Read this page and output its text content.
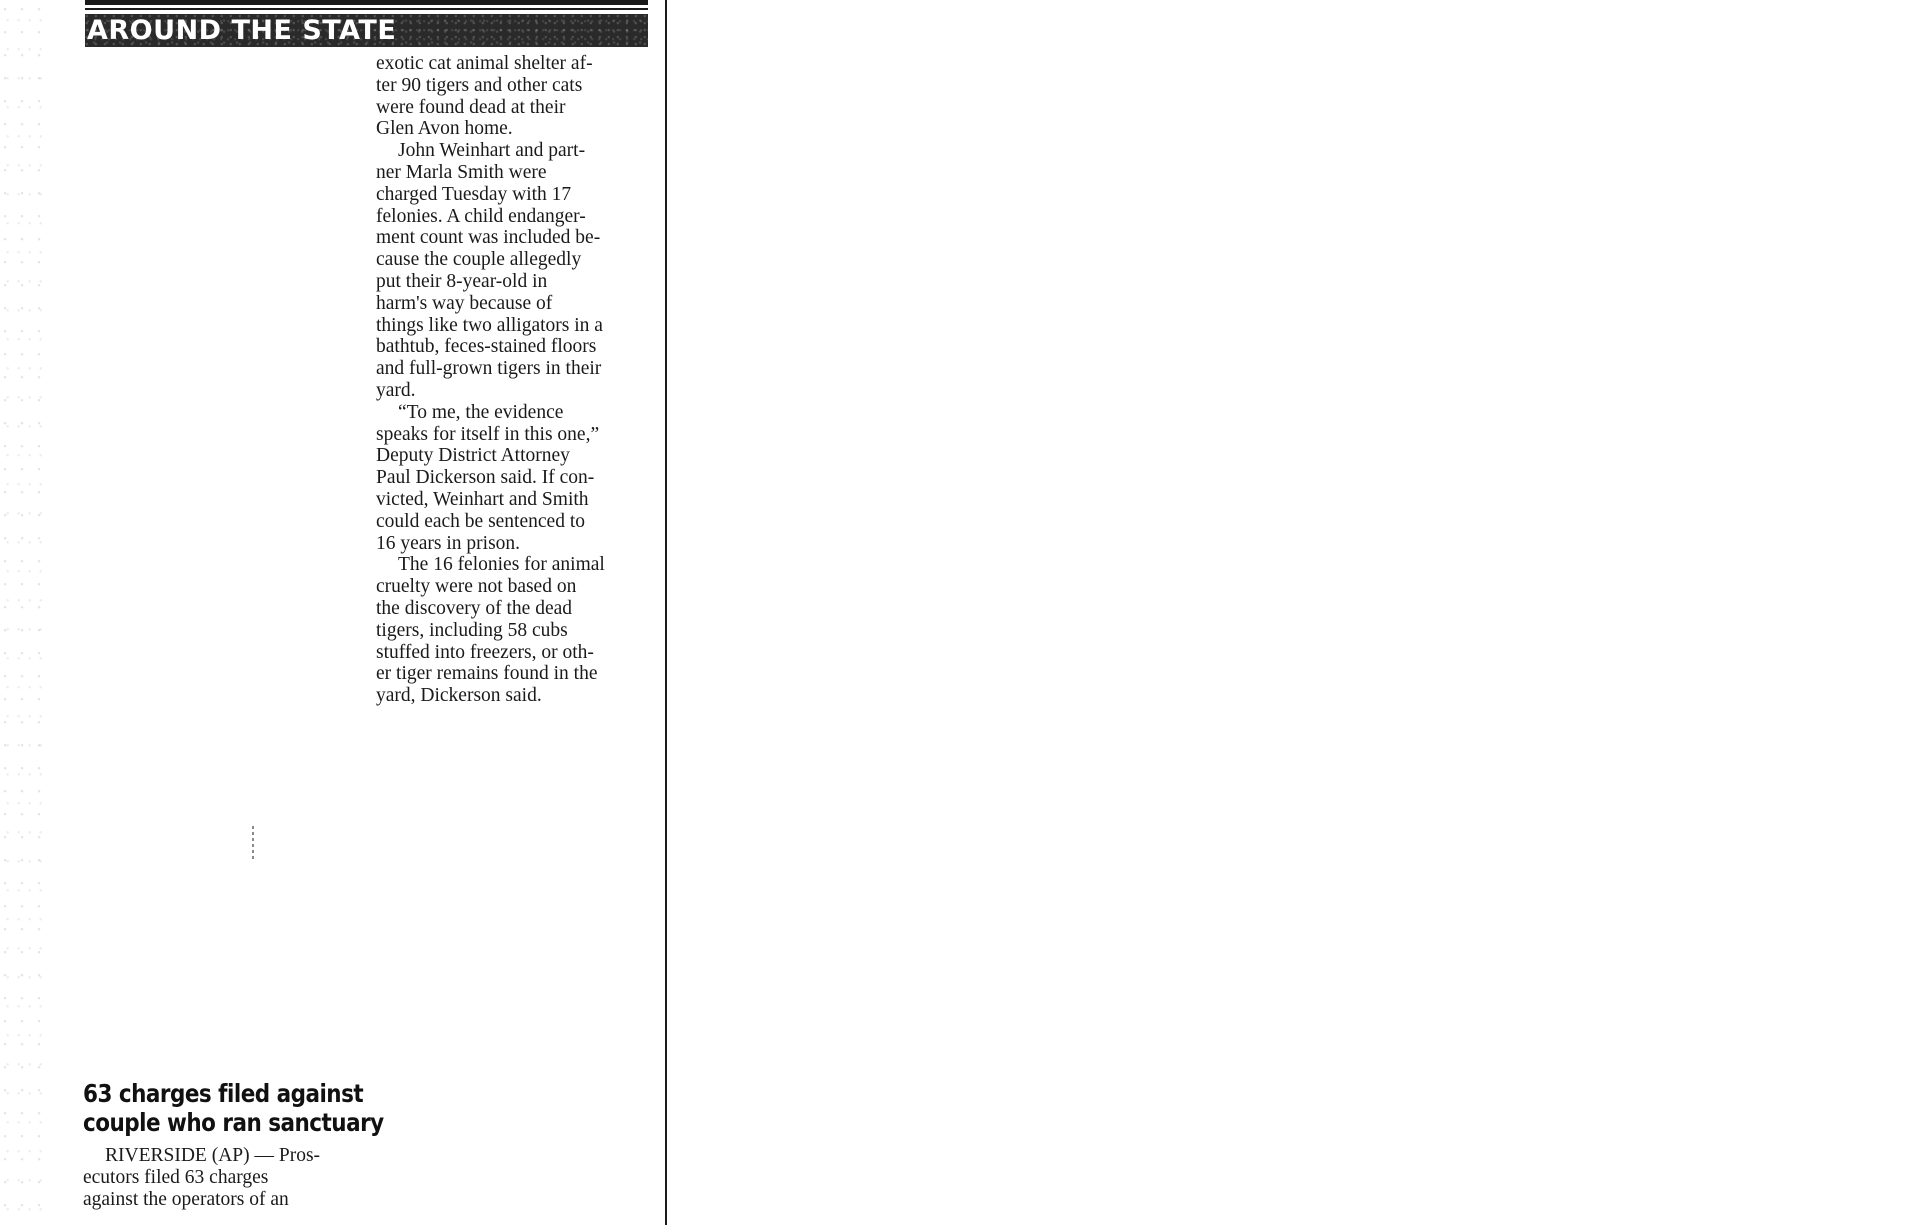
AROUND THE STATE
exotic cat animal shelter af-
ter 90 tigers and other cats
were found dead at their
Glen Avon home.
John Weinhart and part-
ner Marla Smith were
charged Tuesday with 17
felonies. A child endanger-
ment count was included be-
cause the couple allegedly
put their 8-year-old in
harm's way because of
things like two alligators in a
bathtub, feces-stained floors
and full-grown tigers in their
yard.
“To me, the evidence
speaks for itself in this one,”
Deputy District Attorney
Paul Dickerson said. If con-
victed, Weinhart and Smith
could each be sentenced to
16 years in prison.
The 16 felonies for animal
cruelty were not based on
the discovery of the dead
tigers, including 58 cubs
stuffed into freezers, or oth-
er tiger remains found in the
yard, Dickerson said.
63 charges filed against
couple who ran sanctuary
RIVERSIDE (AP) — Pros-
ecutors filed 63 charges
against the operators of an
